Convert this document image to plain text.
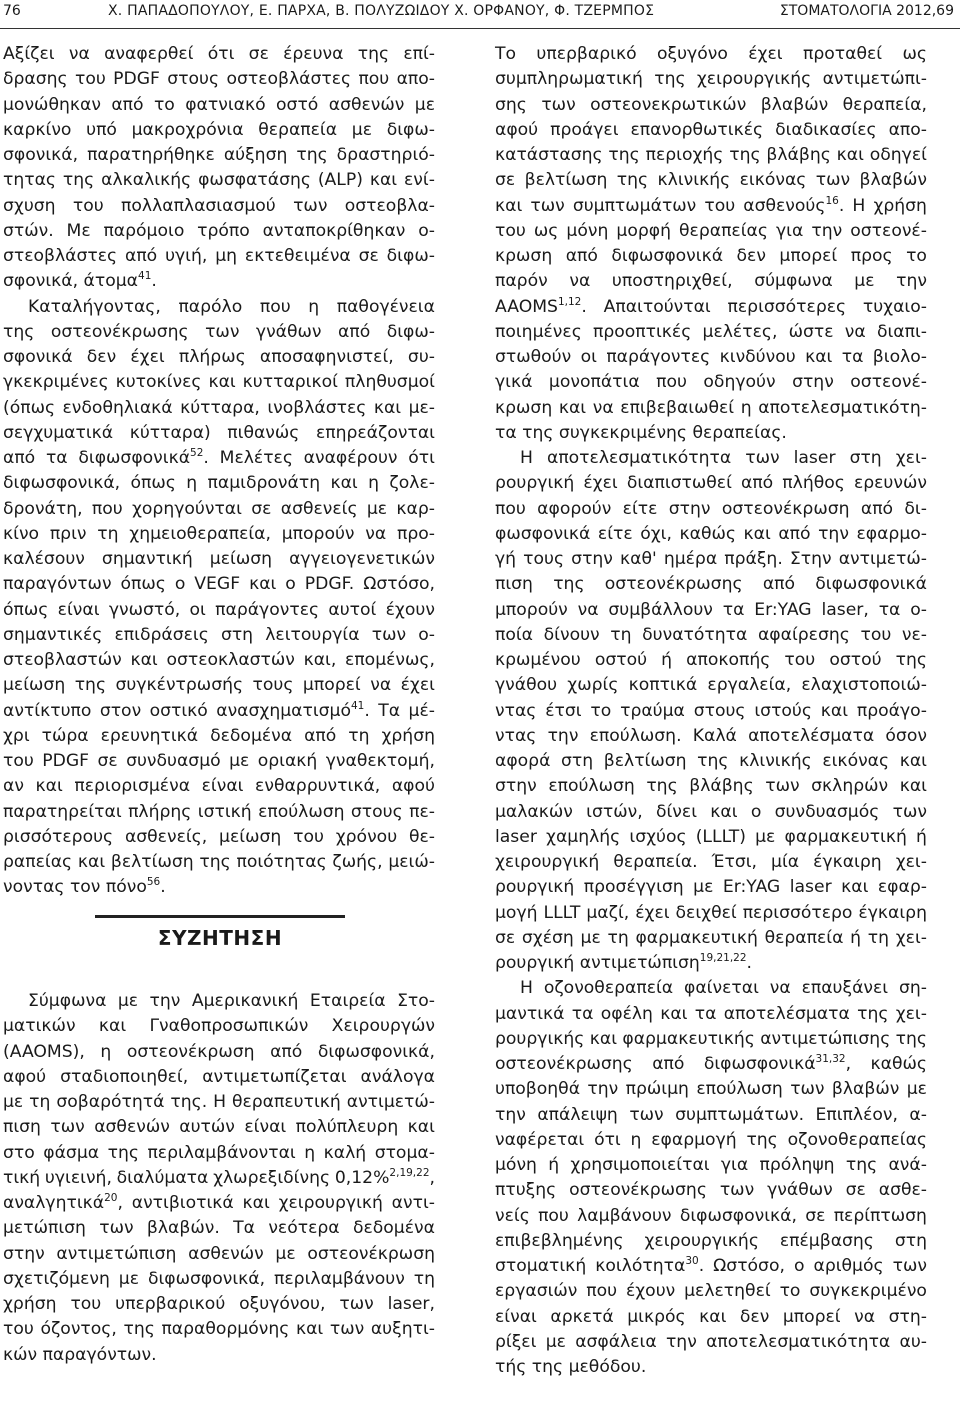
76	Χ. ΠΑΠΑΔΟΠΟΥΛΟΥ, Ε. ΠΑΡΧΑ, Β. ΠΟΛΥΖΩΙΔΟΥ Χ. ΟΡΦΑΝΟΥ, Φ. ΤΖΕΡΜΠΟΣ	ΣΤΟΜΑΤΟΛΟΓΙΑ 2012,69
Αξίζει να αναφερθεί ότι σε έρευνα της επί-
δρασης του PDGF στους οστεοβλάστες που απο-
μονώθηκαν από το φατνιακό οστό ασθενών με
καρκίνο υπό μακροχρόνια θεραπεία με διφω-
σφονικά, παρατηρήθηκε αύξηση της δραστηριό-
τητας της αλκαλικής φωσφατάσης (ALP) και ενί-
σχυση του πολλαπλασιασμού των οστεοβλα-
στών. Με παρόμοιο τρόπο ανταποκρίθηκαν ο-
στεοβλάστες από υγιή, μη εκτεθειμένα σε διφω-
σφονικά, άτομα$^{41}$.
Καταλήγοντας, παρόλο που η παθογένεια
της οστεονέκρωσης των γνάθων από διφω-
σφονικά δεν έχει πλήρως αποσαφηνιστεί, συ-
γκεκριμένες κυτοκίνες και κυτταρικοί πληθυσμοί
(όπως ενδοθηλιακά κύτταρα, ινοβλάστες και με-
σεγχυματικά κύτταρα) πιθανώς επηρεάζονται
από τα διφωσφονικά$^{52}$. Μελέτες αναφέρουν ότι
διφωσφονικά, όπως η παμιδρονάτη και η ζολε-
δρονάτη, που χορηγούνται σε ασθενείς με καρ-
κίνο πριν τη χημειοθεραπεία, μπορούν να προ-
καλέσουν σημαντική μείωση αγγειογενετικών
παραγόντων όπως ο VEGF και ο PDGF. Ωστόσο,
όπως είναι γνωστό, οι παράγοντες αυτοί έχουν
σημαντικές επιδράσεις στη λειτουργία των ο-
στεοβλαστών και οστεοκλαστών και, επομένως,
μείωση της συγκέντρωσής τους μπορεί να έχει
αντίκτυπο στον οστικό ανασχηματισμό$^{41}$. Τα μέ-
χρι τώρα ερευνητικά δεδομένα από τη χρήση
του PDGF σε συνδυασμό με οριακή γναθεκτομή,
αν και περιορισμένα είναι ενθαρρυντικά, αφού
παρατηρείται πλήρης ιστική επούλωση στους πε-
ρισσότερους ασθενείς, μείωση του χρόνου θε-
ραπείας και βελτίωση της ποιότητας ζωής, μειώ-
νοντας τον πόνο$^{56}$.
ΣΥΖΗΤΗΣΗ
Σύμφωνα με την Αμερικανική Εταιρεία Στο-
ματικών και Γναθοπροσωπικών Χειρουργών
(AAOMS), η οστεονέκρωση από διφωσφονικά,
αφού σταδιοποιηθεί, αντιμετωπίζεται ανάλογα
με τη σοβαρότητά της. Η θεραπευτική αντιμετώ-
πιση των ασθενών αυτών είναι πολύπλευρη και
στο φάσμα της περιλαμβάνονται η καλή στομα-
τική υγιεινή, διαλύματα χλωρεξιδίνης 0,12%$^{2,19,22}$,
αναλγητικά$^{20}$, αντιβιοτικά και χειρουργική αντι-
μετώπιση των βλαβών. Τα νεότερα δεδομένα
στην αντιμετώπιση ασθενών με οστεονέκρωση
σχετιζόμενη με διφωσφονικά, περιλαμβάνουν τη
χρήση του υπερβαρικού οξυγόνου, των laser,
του όζοντος, της παραθορμόνης και των αυξητι-
κών παραγόντων.
Το υπερβαρικό οξυγόνο έχει προταθεί ως
συμπληρωματική της χειρουργικής αντιμετώπι-
σης των οστεονεκρωτικών βλαβών θεραπεία,
αφού προάγει επανορθωτικές διαδικασίες απο-
κατάστασης της περιοχής της βλάβης και οδηγεί
σε βελτίωση της κλινικής εικόνας των βλαβών
και των συμπτωμάτων του ασθενούς$^{16}$. Η χρήση
του ως μόνη μορφή θεραπείας για την οστεονέ-
κρωση από διφωσφονικά δεν μπορεί προς το
παρόν να υποστηριχθεί, σύμφωνα με την
AAOMS$^{1,12}$. Απαιτούνται περισσότερες τυχαιο-
ποιημένες προοπτικές μελέτες, ώστε να διαπι-
στωθούν οι παράγοντες κινδύνου και τα βιολο-
γικά μονοπάτια που οδηγούν στην οστεονέ-
κρωση και να επιβεβαιωθεί η αποτελεσματικότη-
τα της συγκεκριμένης θεραπείας.
Η αποτελεσματικότητα των laser στη χει-
ρουργική έχει διαπιστωθεί από πλήθος ερευνών
που αφορούν είτε στην οστεονέκρωση από δι-
φωσφονικά είτε όχι, καθώς και από την εφαρμο-
γή τους στην καθ' ημέρα πράξη. Στην αντιμετώ-
πιση της οστεονέκρωσης από διφωσφονικά
μπορούν να συμβάλλουν τα Er:YAG laser, τα ο-
ποία δίνουν τη δυνατότητα αφαίρεσης του νε-
κρωμένου οστού ή αποκοπής του οστού της
γνάθου χωρίς κοπτικά εργαλεία, ελαχιστοποιώ-
ντας έτσι το τραύμα στους ιστούς και προάγο-
ντας την επούλωση. Καλά αποτελέσματα όσον
αφορά στη βελτίωση της κλινικής εικόνας και
στην επούλωση της βλάβης των σκληρών και
μαλακών ιστών, δίνει και ο συνδυασμός των
laser χαμηλής ισχύος (LLLT) με φαρμακευτική ή
χειρουργική θεραπεία. Έτσι, μία έγκαιρη χει-
ρουργική προσέγγιση με Er:YAG laser και εφαρ-
μογή LLLT μαζί, έχει δειχθεί περισσότερο έγκαιρη
σε σχέση με τη φαρμακευτική θεραπεία ή τη χει-
ρουργική αντιμετώπιση$^{19,21,22}$.
Η οζονοθεραπεία φαίνεται να επαυξάνει ση-
μαντικά τα οφέλη και τα αποτελέσματα της χει-
ρουργικής και φαρμακευτικής αντιμετώπισης της
οστεονέκρωσης από διφωσφονικά$^{31,32}$, καθώς
υποβοηθά την πρώιμη επούλωση των βλαβών με
την απάλειψη των συμπτωμάτων. Επιπλέον, α-
ναφέρεται ότι η εφαρμογή της οζονοθεραπείας
μόνη ή χρησιμοποιείται για πρόληψη της ανά-
πτυξης οστεονέκρωσης των γνάθων σε ασθε-
νείς που λαμβάνουν διφωσφονικά, σε περίπτωση
επιβεβλημένης χειρουργικής επέμβασης στη
στοματική κοιλότητα$^{30}$. Ωστόσο, ο αριθμός των
εργασιών που έχουν μελετηθεί το συγκεκριμένο
είναι αρκετά μικρός και δεν μπορεί να στη-
ρίξει με ασφάλεια την αποτελεσματικότητα αυ-
τής της μεθόδου.
